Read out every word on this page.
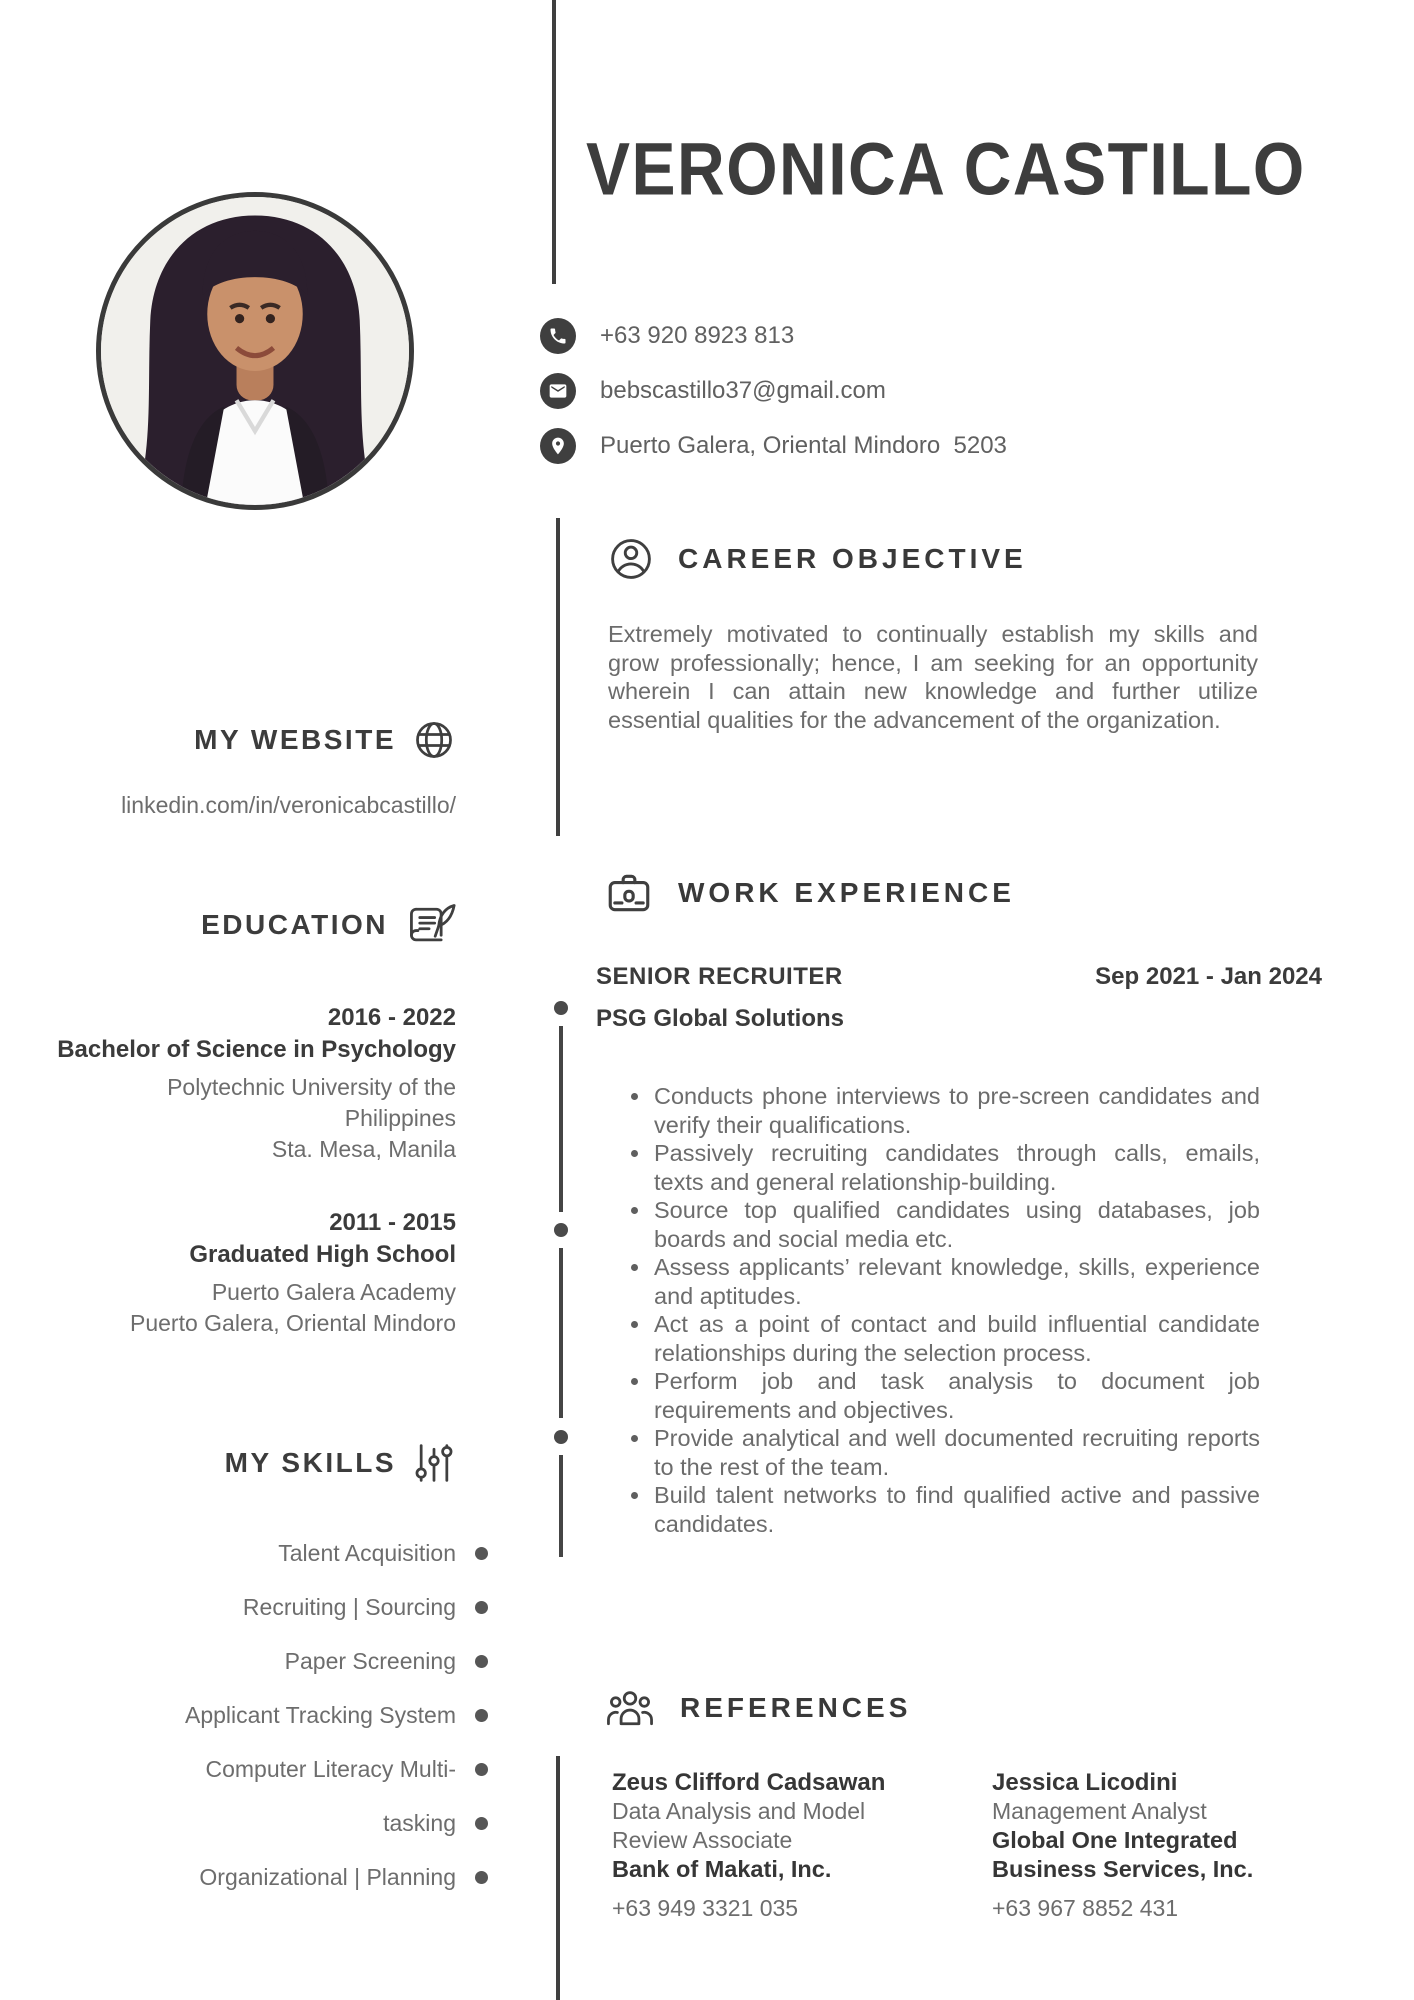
MY WEBSITE
linkedin.com/in/veronicabcastillo/
EDUCATION
2016 - 2022
Bachelor of Science in Psychology
Polytechnic University of the Philippines
Sta. Mesa, Manila
2011 - 2015
Graduated High School
Puerto Galera Academy
Puerto Galera, Oriental Mindoro
MY SKILLS
Talent Acquisition
Recruiting | Sourcing
Paper Screening
Applicant Tracking System
Computer Literacy Multi-
tasking
Organizational | Planning
VERONICA CASTILLO
+63 920 8923 813
bebscastillo37@gmail.com
Puerto Galera, Oriental Mindoro  5203
CAREER OBJECTIVE

Extremely motivated to continually establish my skills and grow professionally; hence, I am seeking for an opportunity wherein I can attain new knowledge and further utilize essential qualities for the advancement of the organization.

WORK EXPERIENCE
SENIOR RECRUITER	Sep 2021 - Jan 2024
PSG Global Solutions
Conducts phone interviews to pre-screen candidates and verify their qualifications.
Passively recruiting candidates through calls, emails, texts and general relationship-building.
Source top qualified candidates using databases, job boards and social media etc.
Assess applicants’ relevant knowledge, skills, experience and aptitudes.
Act as a point of contact and build influential candidate relationships during the selection process.
Perform job and task analysis to document job requirements and objectives.
Provide analytical and well documented recruiting reports to the rest of the team.
Build talent networks to find qualified active and passive candidates.
REFERENCES
Zeus Clifford Cadsawan
Data Analysis and Model Review Associate
Bank of Makati, Inc.
+63 949 3321 035
Jessica Licodini
Management Analyst
Global One Integrated Business Services, Inc.
+63 967 8852 431
